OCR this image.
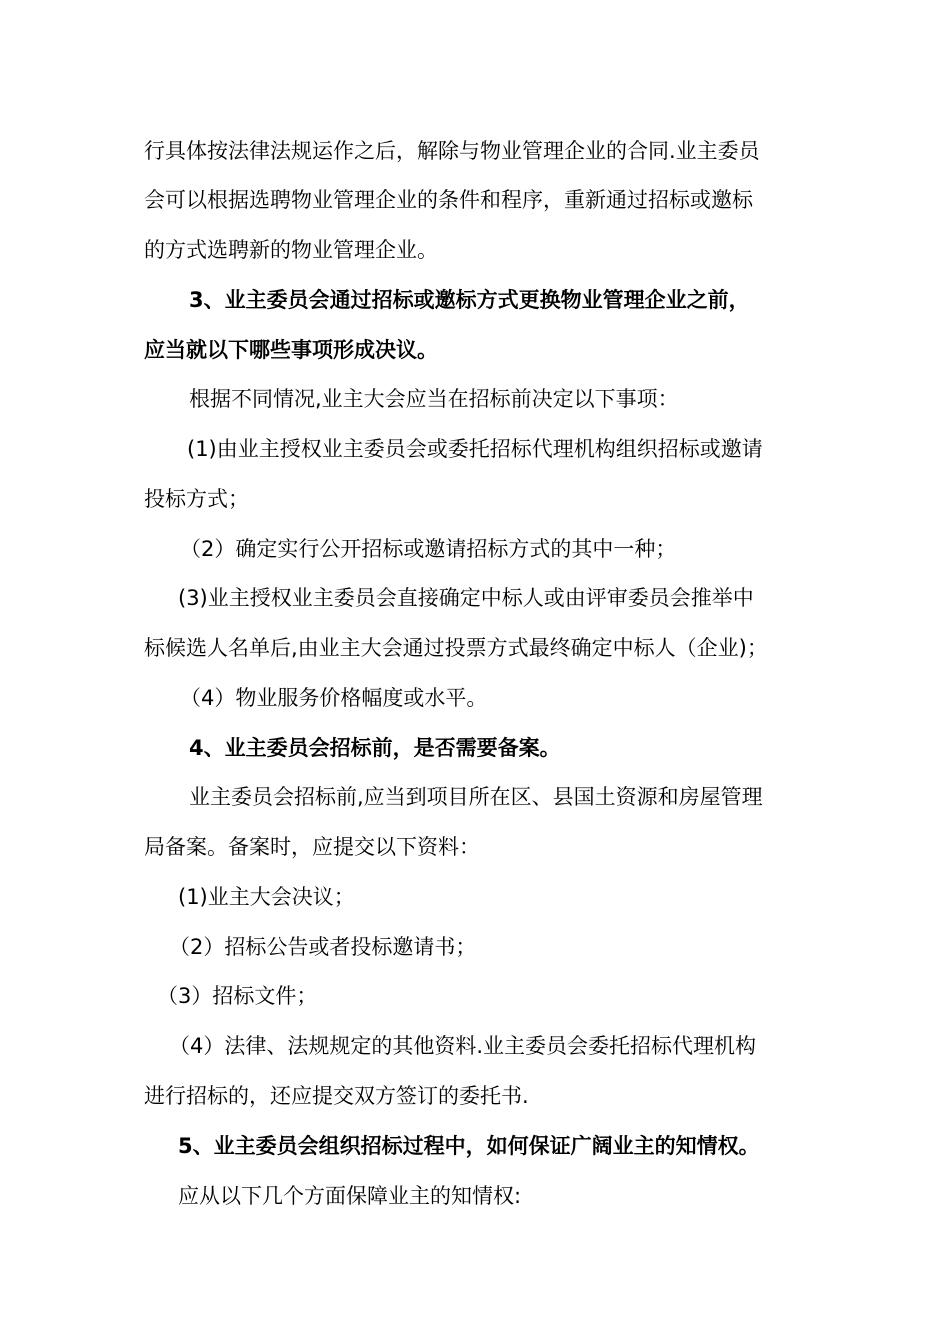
行具体按法律法规运作之后，解除与物业管理企业的合同.业主委员
会可以根据选聘物业管理企业的条件和程序，重新通过招标或邀标
的方式选聘新的物业管理企业。
3、业主委员会通过招标或邀标方式更换物业管理企业之前，
应当就以下哪些事项形成决议。
根据不同情况,业主大会应当在招标前决定以下事项：
(1)由业主授权业主委员会或委托招标代理机构组织招标或邀请
投标方式；
（2）确定实行公开招标或邀请招标方式的其中一种；
(3)业主授权业主委员会直接确定中标人或由评审委员会推举中
标候选人名单后,由业主大会通过投票方式最终确定中标人（企业)；
（4）物业服务价格幅度或水平。
4、业主委员会招标前，是否需要备案。
业主委员会招标前,应当到项目所在区、县国土资源和房屋管理
局备案。备案时，应提交以下资料：
(1)业主大会决议；
（2）招标公告或者投标邀请书；
（3）招标文件；
（4）法律、法规规定的其他资料.业主委员会委托招标代理机构
进行招标的，还应提交双方签订的委托书.
5、业主委员会组织招标过程中，如何保证广阔业主的知情权。
应从以下几个方面保障业主的知情权:
